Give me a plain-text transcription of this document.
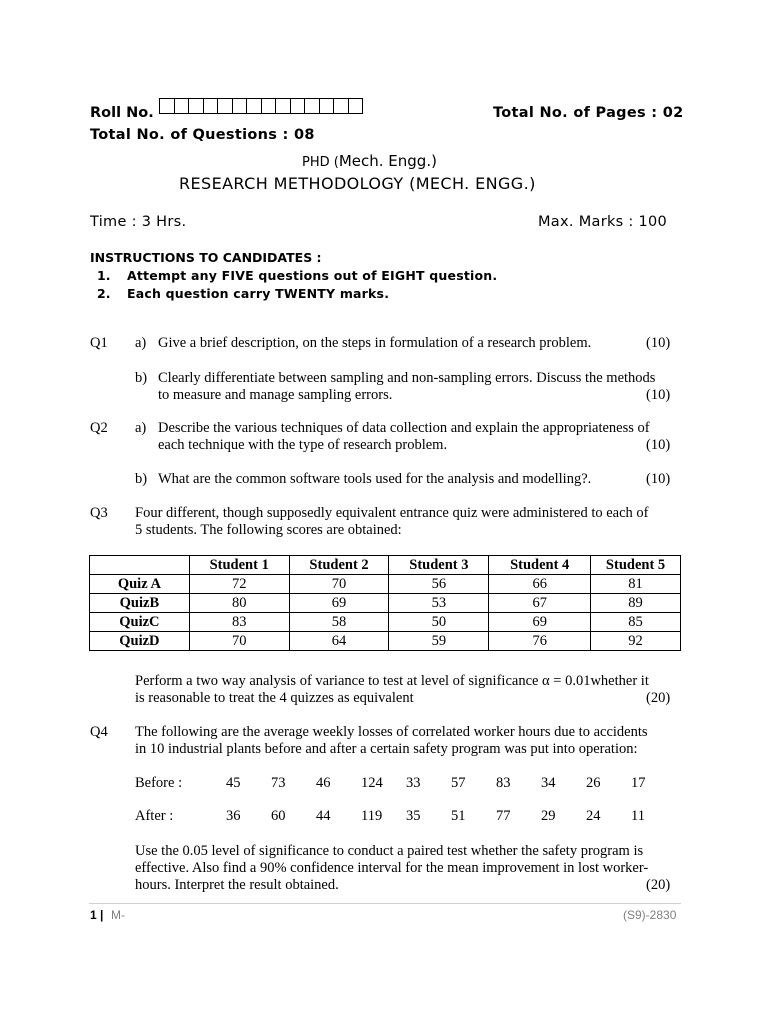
Roll No.	Total No. of Pages : 02
Total No. of Questions : 08
PHD (Mech. Engg.)
RESEARCH METHODOLOGY (MECH. ENGG.)
Time : 3 Hrs.	Max. Marks : 100
INSTRUCTIONS TO CANDIDATES :
1. Attempt any FIVE questions out of EIGHT question.
2. Each question carry TWENTY marks.
Q1 a) Give a brief description, on the steps in formulation of a research problem.	(10)
b) Clearly differentiate between sampling and non-sampling errors. Discuss the methods
to measure and manage sampling errors.	(10)
Q2 a) Describe the various techniques of data collection and explain the appropriateness of
each technique with the type of research problem.	(10)
b) What are the common software tools used for the analysis and modelling?.	(10)
Q3 Four different, though supposedly equivalent entrance quiz were administered to each of
5 students. The following scores are obtained:
	Student 1	Student 2	Student 3	Student 4	Student 5
Quiz A	72	70	56	66	81
QuizB	80	69	53	67	89
QuizC	83	58	50	69	85
QuizD	70	64	59	76	92
Perform a two way analysis of variance to test at level of significance α = 0.01whether it
is reasonable to treat the 4 quizzes as equivalent	(20)
Q4 The following are the average weekly losses of correlated worker hours due to accidents
in 10 industrial plants before and after a certain safety program was put into operation:
Before :	45 73 46 124 33 57 83 34 26 17
After :	36 60 44 119 35 51 77 29 24 11
Use the 0.05 level of significance to conduct a paired test whether the safety program is
effective. Also find a 90% confidence interval for the mean improvement in lost worker-
hours. Interpret the result obtained.	(20)
1 | M-	(S9)-2830
